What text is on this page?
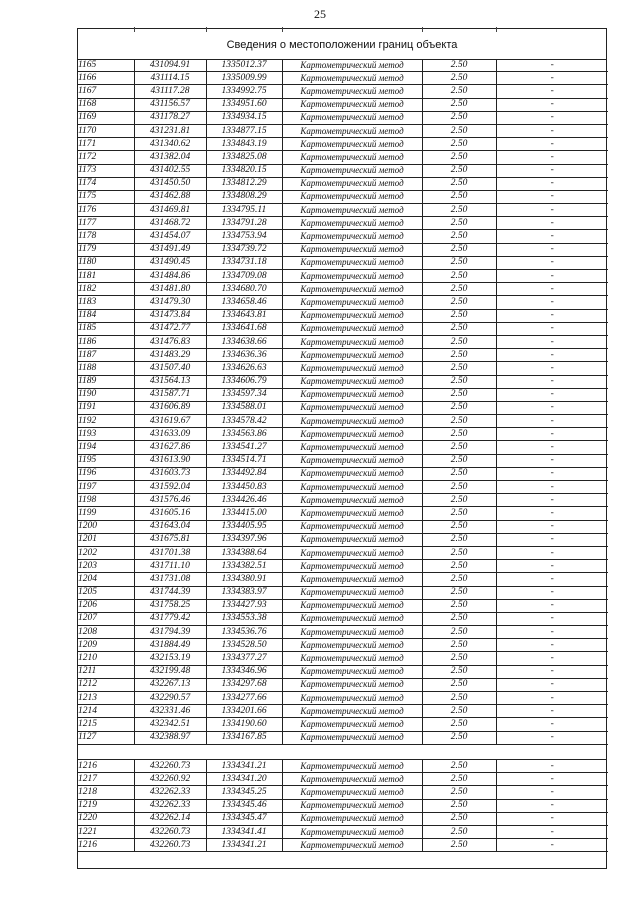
25
Сведения о местоположении границ объекта
1165	431094.91	1335012.37	Картометрический метод	2.50	-
1166	431114.15	1335009.99	Картометрический метод	2.50	-
1167	431117.28	1334992.75	Картометрический метод	2.50	-
1168	431156.57	1334951.60	Картометрический метод	2.50	-
1169	431178.27	1334934.15	Картометрический метод	2.50	-
1170	431231.81	1334877.15	Картометрический метод	2.50	-
1171	431340.62	1334843.19	Картометрический метод	2.50	-
1172	431382.04	1334825.08	Картометрический метод	2.50	-
1173	431402.55	1334820.15	Картометрический метод	2.50	-
1174	431450.50	1334812.29	Картометрический метод	2.50	-
1175	431462.88	1334808.29	Картометрический метод	2.50	-
1176	431469.81	1334795.11	Картометрический метод	2.50	-
1177	431468.72	1334791.28	Картометрический метод	2.50	-
1178	431454.07	1334753.94	Картометрический метод	2.50	-
1179	431491.49	1334739.72	Картометрический метод	2.50	-
1180	431490.45	1334731.18	Картометрический метод	2.50	-
1181	431484.86	1334709.08	Картометрический метод	2.50	-
1182	431481.80	1334680.70	Картометрический метод	2.50	-
1183	431479.30	1334658.46	Картометрический метод	2.50	-
1184	431473.84	1334643.81	Картометрический метод	2.50	-
1185	431472.77	1334641.68	Картометрический метод	2.50	-
1186	431476.83	1334638.66	Картометрический метод	2.50	-
1187	431483.29	1334636.36	Картометрический метод	2.50	-
1188	431507.40	1334626.63	Картометрический метод	2.50	-
1189	431564.13	1334606.79	Картометрический метод	2.50	-
1190	431587.71	1334597.34	Картометрический метод	2.50	-
1191	431606.89	1334588.01	Картометрический метод	2.50	-
1192	431619.67	1334578.42	Картометрический метод	2.50	-
1193	431633.09	1334563.86	Картометрический метод	2.50	-
1194	431627.86	1334541.27	Картометрический метод	2.50	-
1195	431613.90	1334514.71	Картометрический метод	2.50	-
1196	431603.73	1334492.84	Картометрический метод	2.50	-
1197	431592.04	1334450.83	Картометрический метод	2.50	-
1198	431576.46	1334426.46	Картометрический метод	2.50	-
1199	431605.16	1334415.00	Картометрический метод	2.50	-
1200	431643.04	1334405.95	Картометрический метод	2.50	-
1201	431675.81	1334397.96	Картометрический метод	2.50	-
1202	431701.38	1334388.64	Картометрический метод	2.50	-
1203	431711.10	1334382.51	Картометрический метод	2.50	-
1204	431731.08	1334380.91	Картометрический метод	2.50	-
1205	431744.39	1334383.97	Картометрический метод	2.50	-
1206	431758.25	1334427.93	Картометрический метод	2.50	-
1207	431779.42	1334553.38	Картометрический метод	2.50	-
1208	431794.39	1334536.76	Картометрический метод	2.50	-
1209	431884.49	1334528.50	Картометрический метод	2.50	-
1210	432153.19	1334377.27	Картометрический метод	2.50	-
1211	432199.48	1334346.96	Картометрический метод	2.50	-
1212	432267.13	1334297.68	Картометрический метод	2.50	-
1213	432290.57	1334277.66	Картометрический метод	2.50	-
1214	432331.46	1334201.66	Картометрический метод	2.50	-
1215	432342.51	1334190.60	Картометрический метод	2.50	-
1127	432388.97	1334167.85	Картометрический метод	2.50	-
1216	432260.73	1334341.21	Картометрический метод	2.50	-
1217	432260.92	1334341.20	Картометрический метод	2.50	-
1218	432262.33	1334345.25	Картометрический метод	2.50	-
1219	432262.33	1334345.46	Картометрический метод	2.50	-
1220	432262.14	1334345.47	Картометрический метод	2.50	-
1221	432260.73	1334341.41	Картометрический метод	2.50	-
1216	432260.73	1334341.21	Картометрический метод	2.50	-
